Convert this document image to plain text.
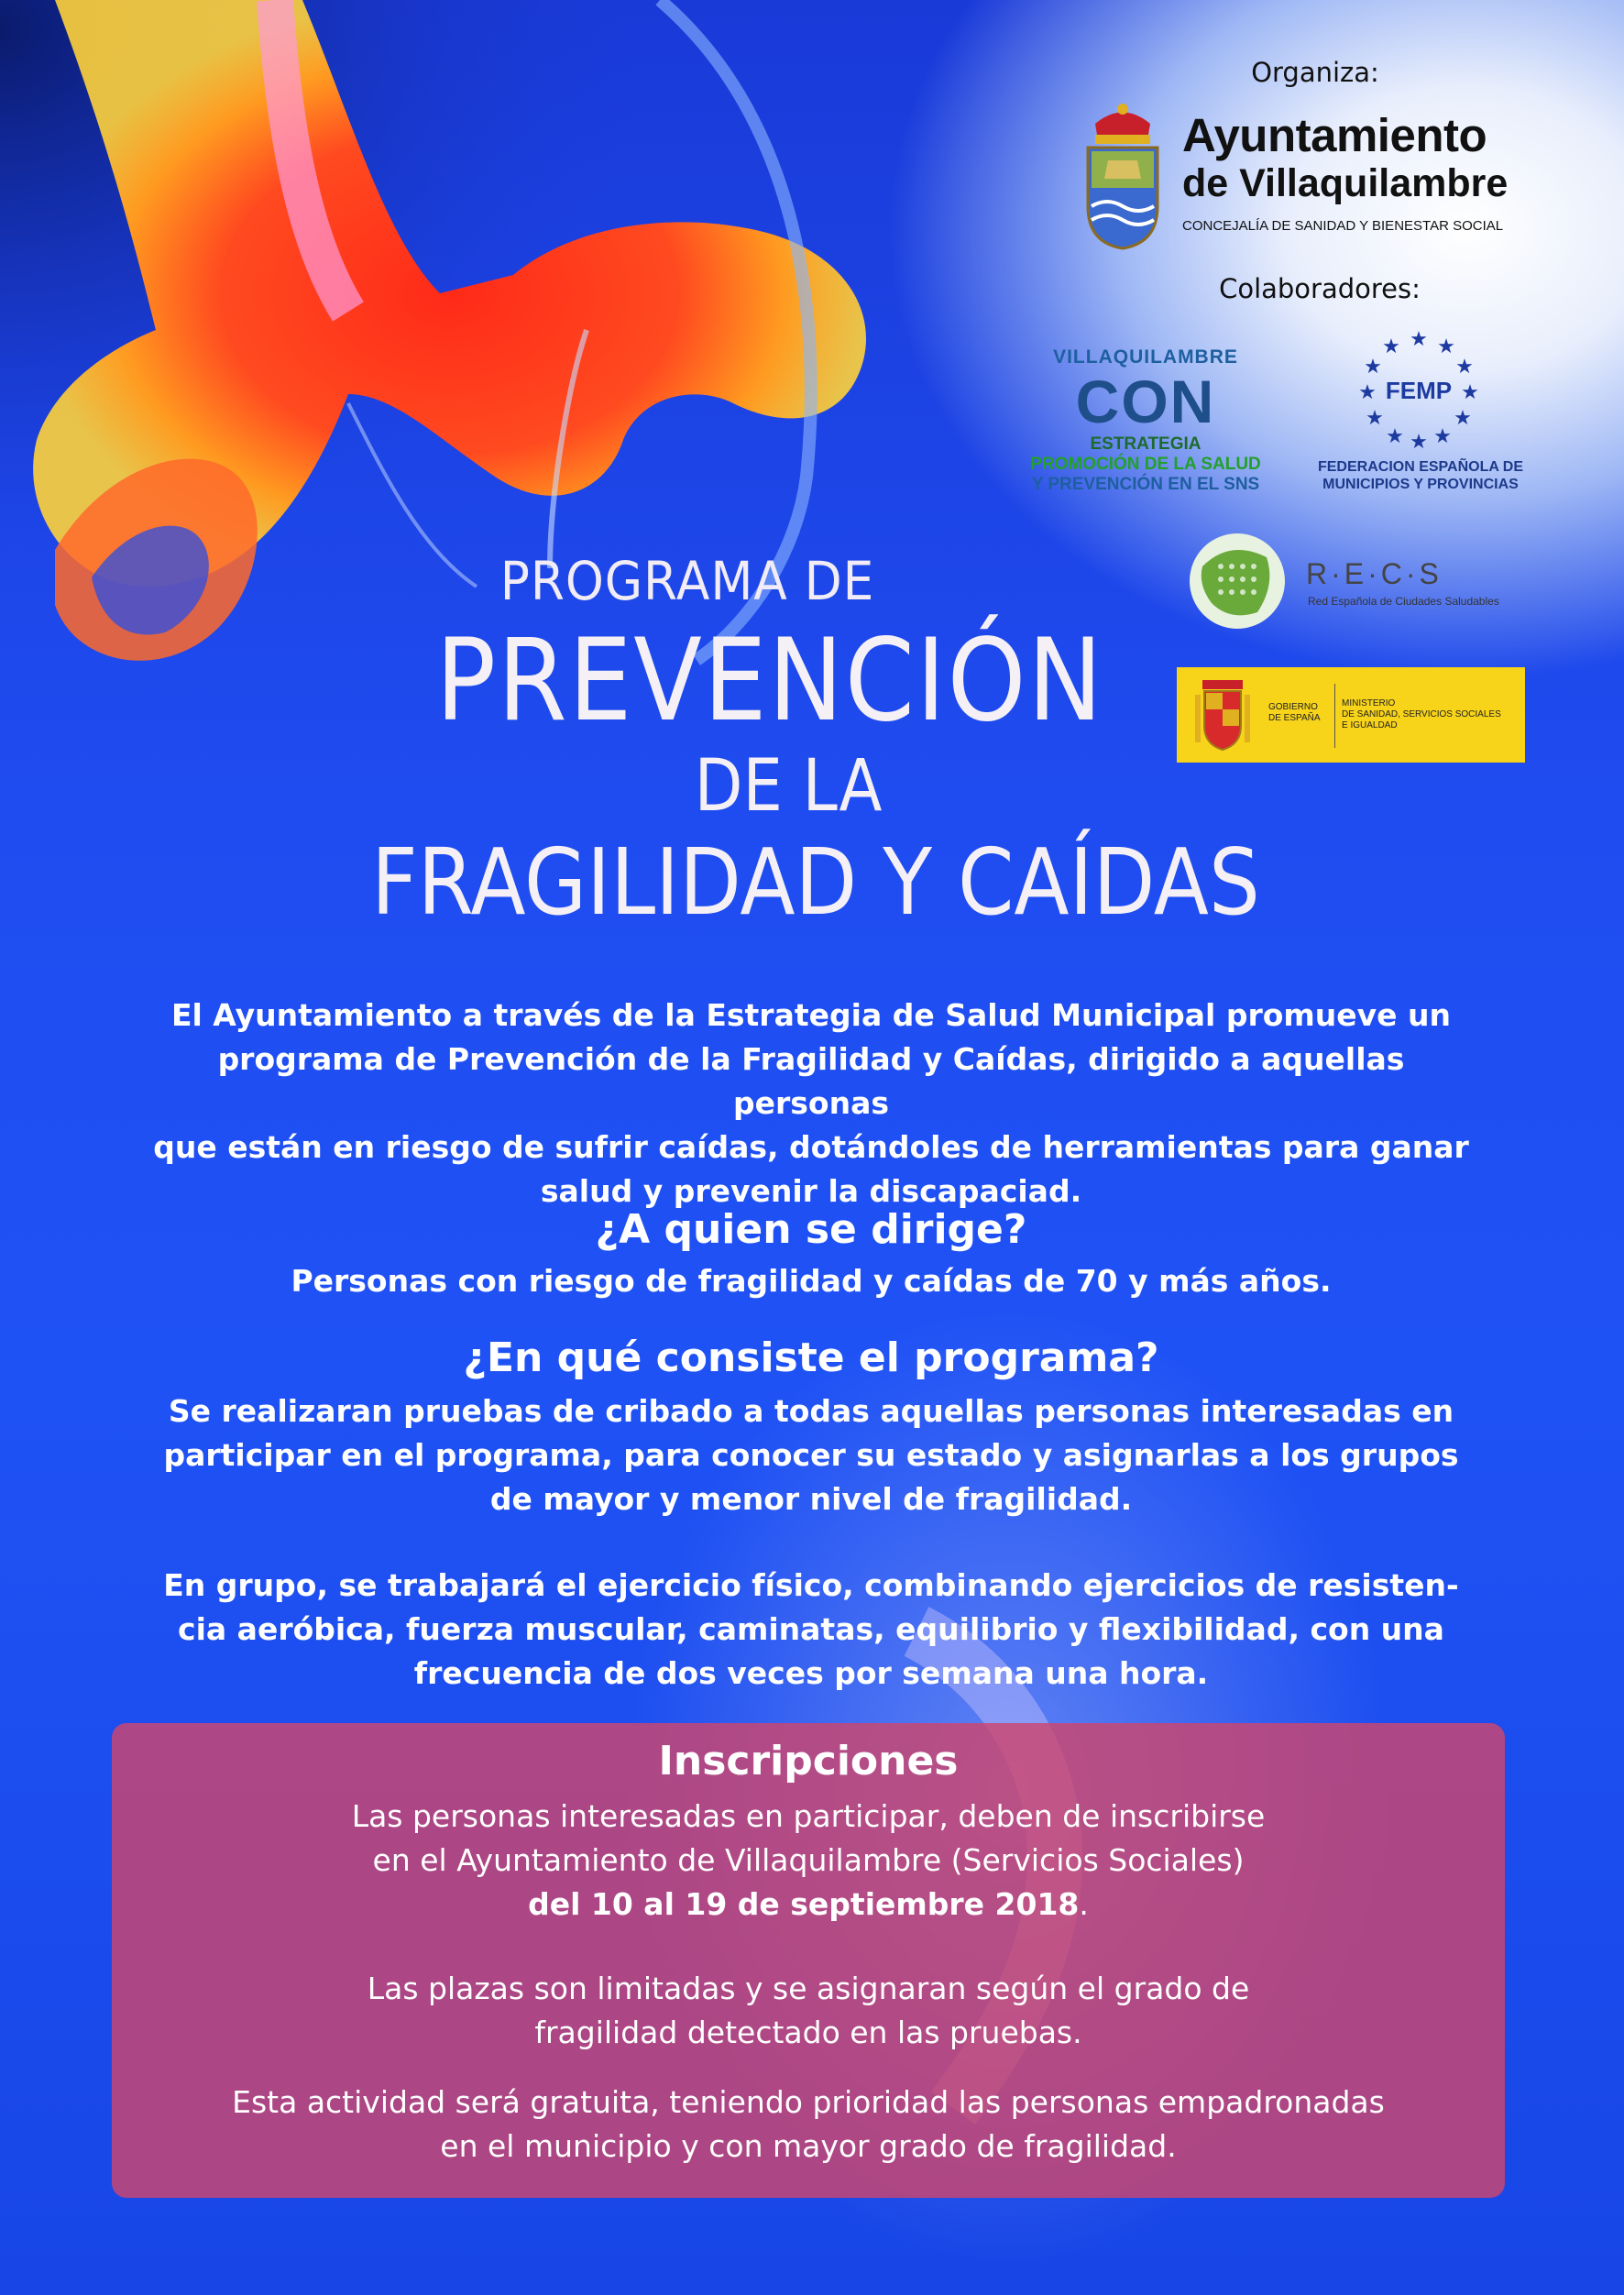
Organiza:
Ayuntamiento
de Villaquilambre
CONCEJALÍA DE SANIDAD Y BIENESTAR SOCIAL
Colaboradores:
VILLAQUILAMBRE
CON
ESTRATEGIA
PROMOCIÓN DE LA SALUD
Y PREVENCIÓN EN EL SNS
★ ★
★
★
★
★
★
★
★
★
★
★
FEMP
FEDERACION ESPAÑOLA DE
MUNICIPIOS Y PROVINCIAS
R·E·C·S
Red Española de Ciudades Saludables
GOBIERNO
DE ESPAÑA
MINISTERIO
DE SANIDAD, SERVICIOS SOCIALES
E IGUALDAD
PROGRAMA DE
PREVENCIÓN
DE LA
FRAGILIDAD Y CAÍDAS
El Ayuntamiento a través de la Estrategia de Salud Municipal promueve un
programa de Prevención de la Fragilidad y Caídas, dirigido a aquellas personas
que están en riesgo de sufrir caídas, dotándoles de herramientas para ganar
salud y prevenir la discapaciad.
¿A quien se dirige?
Personas con riesgo de fragilidad y caídas de 70 y más años.
¿En qué consiste el programa?
Se realizaran pruebas de cribado a todas aquellas personas interesadas en
participar en el programa, para conocer su estado y asignarlas a los grupos
de mayor y menor nivel de fragilidad.
En grupo, se trabajará el ejercicio físico, combinando ejercicios de resisten-
cia aeróbica, fuerza muscular, caminatas, equilibrio y flexibilidad, con una
frecuencia de dos veces por semana una hora.
Inscripciones
Las personas interesadas en participar, deben de inscribirse
en el Ayuntamiento de Villaquilambre (Servicios Sociales)
del 10 al 19 de septiembre 2018.
Las plazas son limitadas y se asignaran según el grado de
fragilidad detectado en las pruebas.
Esta actividad será gratuita, teniendo prioridad las personas empadronadas
en el municipio y con mayor grado de fragilidad.
